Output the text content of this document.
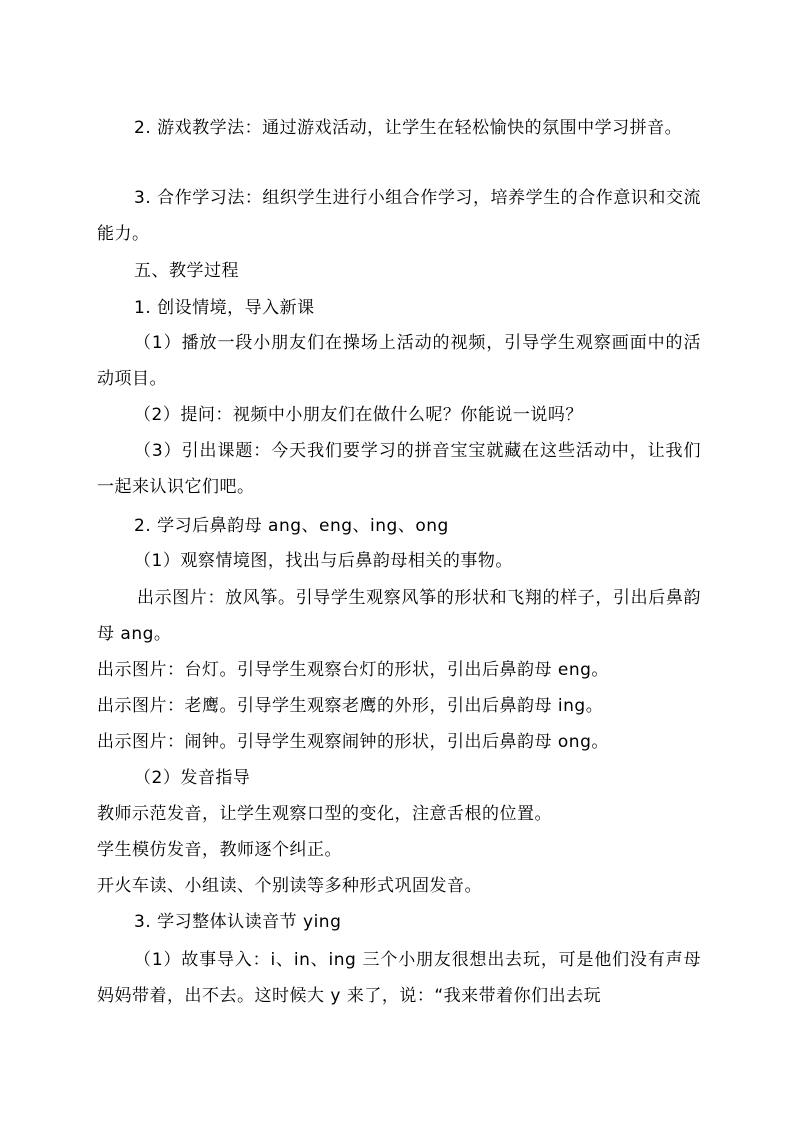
2. 游戏教学法：通过游戏活动，让学生在轻松愉快的氛围中学习拼音。

3. 合作学习法：组织学生进行小组合作学习，培养学生的合作意识和交流能力。

五、教学过程

1. 创设情境，导入新课

（1）播放一段小朋友们在操场上活动的视频，引导学生观察画面中的活动项目。

（2）提问：视频中小朋友们在做什么呢？你能说一说吗？

（3）引出课题：今天我们要学习的拼音宝宝就藏在这些活动中，让我们一起来认识它们吧。

2. 学习后鼻韵母 ang、eng、ing、ong

（1）观察情境图，找出与后鼻韵母相关的事物。

出示图片：放风筝。引导学生观察风筝的形状和飞翔的样子，引出后鼻韵母 ang。

出示图片：台灯。引导学生观察台灯的形状，引出后鼻韵母 eng。

出示图片：老鹰。引导学生观察老鹰的外形，引出后鼻韵母 ing。

出示图片：闹钟。引导学生观察闹钟的形状，引出后鼻韵母 ong。

（2）发音指导

教师示范发音，让学生观察口型的变化，注意舌根的位置。

学生模仿发音，教师逐个纠正。

开火车读、小组读、个别读等多种形式巩固发音。

3. 学习整体认读音节 ying

（1）故事导入：i、in、ing 三个小朋友很想出去玩，可是他们没有声母妈妈带着，出不去。这时候大 y 来了，说：“我来带着你们出去玩
